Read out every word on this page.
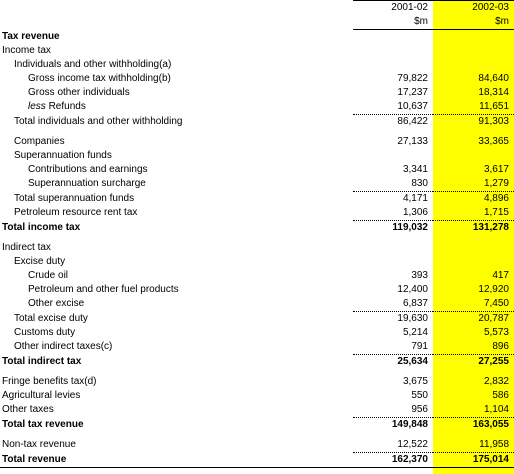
	2001-02	2002-03
	$m	$m
Tax revenue		
Income tax		
Individuals and other withholding(a)		
Gross income tax withholding(b)	79,822	84,640
Gross other individuals	17,237	18,314
less Refunds	10,637	11,651
Total individuals and other withholding	86,422	91,303

Companies	27,133	33,365
Superannuation funds		
Contributions and earnings	3,341	3,617
Superannuation surcharge	830	1,279
Total superannuation funds	4,171	4,896
Petroleum resource rent tax	1,306	1,715
Total income tax	119,032	131,278

Indirect tax		
Excise duty		
Crude oil	393	417
Petroleum and other fuel products	12,400	12,920
Other excise	6,837	7,450
Total excise duty	19,630	20,787
Customs duty	5,214	5,573
Other indirect taxes(c)	791	896
Total indirect tax	25,634	27,255

Fringe benefits tax(d)	3,675	2,832
Agricultural levies	550	586
Other taxes	956	1,104
Total tax revenue	149,848	163,055

Non-tax revenue	12,522	11,958
Total revenue	162,370	175,014
